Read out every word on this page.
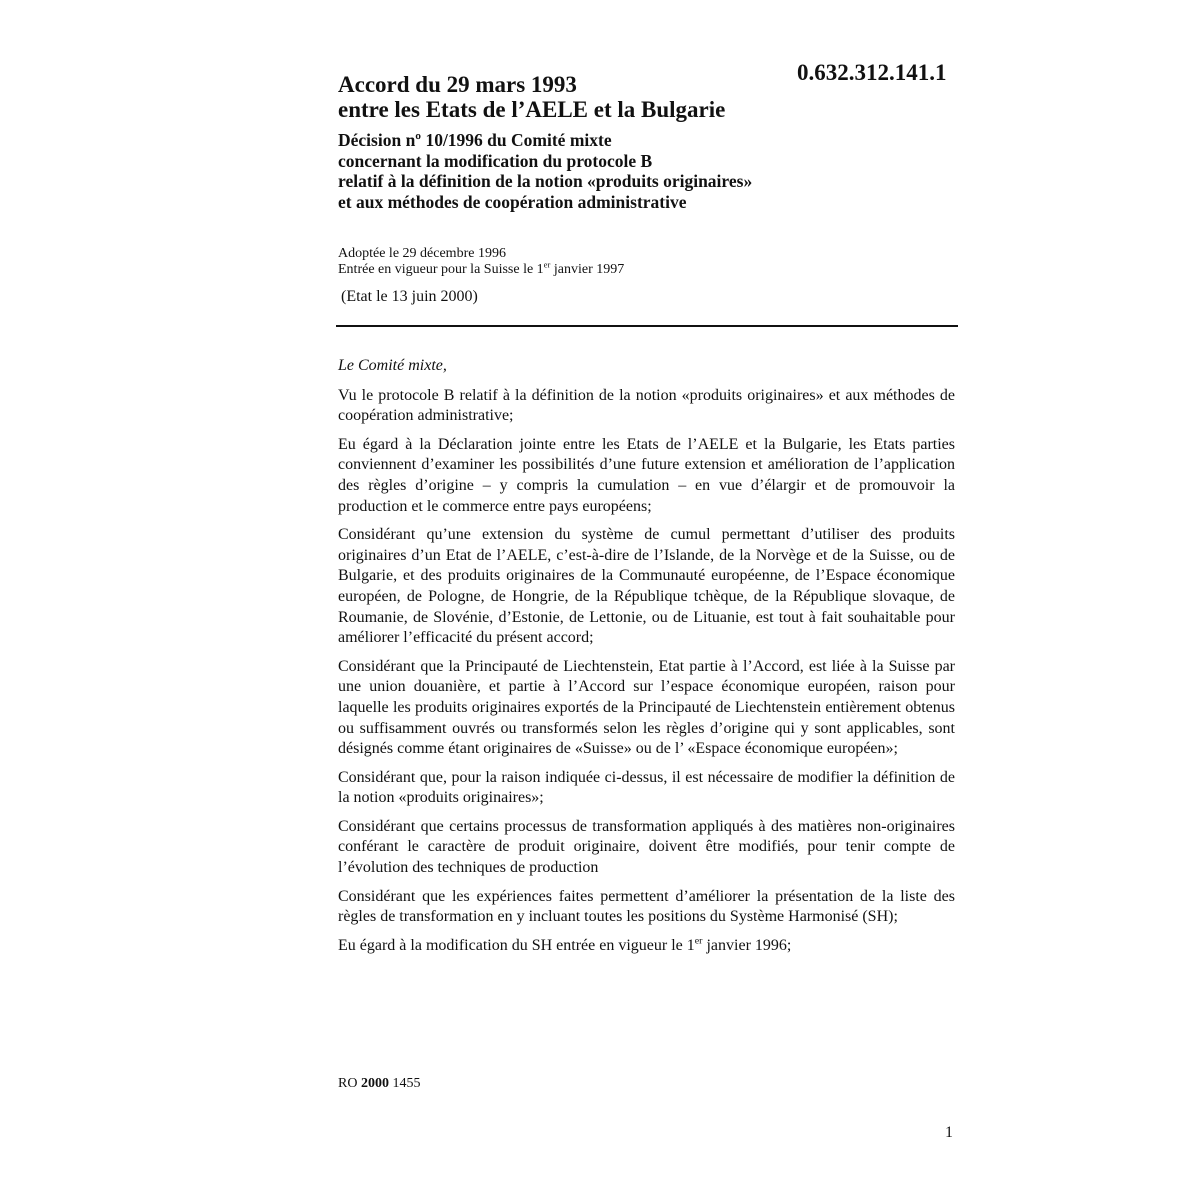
0.632.312.141.1
Accord du 29 mars 1993
entre les Etats de l’AELE et la Bulgarie
Décision nº 10/1996 du Comité mixte
concernant la modification du protocole B
relatif à la définition de la notion «produits originaires»
et aux méthodes de coopération administrative
Adoptée le 29 décembre 1996
Entrée en vigueur pour la Suisse le 1er janvier 1997
(Etat le 13 juin 2000)

Le Comité mixte,

Vu le protocole B relatif à la définition de la notion «produits originaires» et aux méthodes de coopération administrative;

Eu égard à la Déclaration jointe entre les Etats de l’AELE et la Bulgarie, les Etats parties conviennent d’examiner les possibilités d’une future extension et amélioration de l’application des règles d’origine – y compris la cumulation – en vue d’élargir et de promouvoir la production et le commerce entre pays européens;

Considérant qu’une extension du système de cumul permettant d’utiliser des produits originaires d’un Etat de l’AELE, c’est-à-dire de l’Islande, de la Norvège et de la Suisse, ou de Bulgarie, et des produits originaires de la Communauté européenne, de l’Espace économique européen, de Pologne, de Hongrie, de la République tchèque, de la République slovaque, de Roumanie, de Slovénie, d’Estonie, de Lettonie, ou de Lituanie, est tout à fait souhaitable pour améliorer l’efficacité du présent accord;

Considérant que la Principauté de Liechtenstein, Etat partie à l’Accord, est liée à la Suisse par une union douanière, et partie à l’Accord sur l’espace économique européen, raison pour laquelle les produits originaires exportés de la Principauté de Liechtenstein entièrement obtenus ou suffisamment ouvrés ou transformés selon les règles d’origine qui y sont applicables, sont désignés comme étant originaires de «Suisse» ou de l’ «Espace économique européen»;

Considérant que, pour la raison indiquée ci-dessus, il est nécessaire de modifier la définition de la notion «produits originaires»;

Considérant que certains processus de transformation appliqués à des matières non-originaires conférant le caractère de produit originaire, doivent être modifiés, pour tenir compte de l’évolution des techniques de production

Considérant que les expériences faites permettent d’améliorer la présentation de la liste des règles de transformation en y incluant toutes les positions du Système Harmonisé (SH);

Eu égard à la modification du SH entrée en vigueur le 1er janvier 1996;

RO 2000 1455
1
